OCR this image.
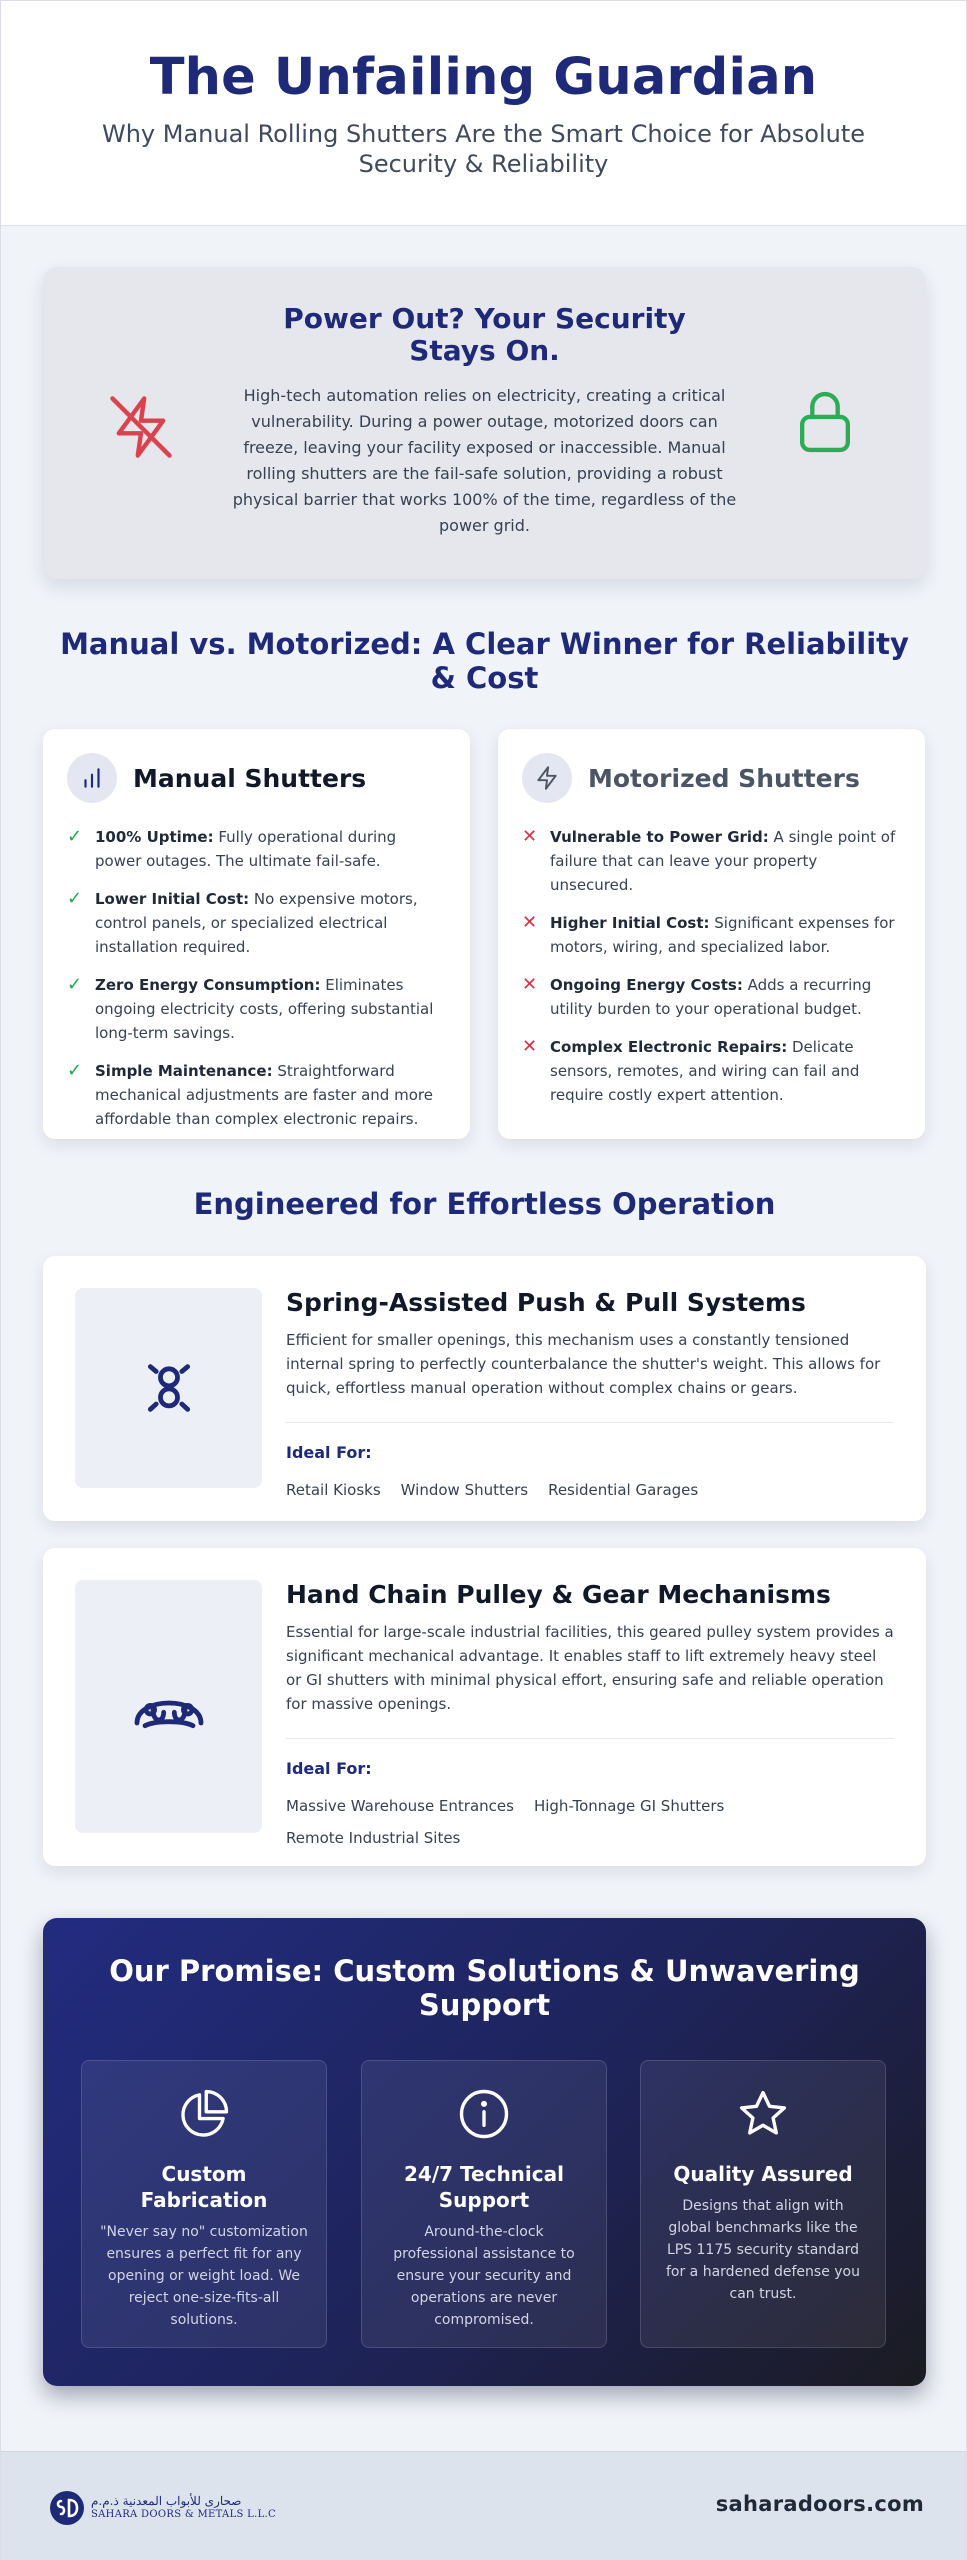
The Unfailing Guardian

Why Manual Rolling Shutters Are the Smart Choice for Absolute Security & Reliability

Power Out? Your Security Stays On.

High-tech automation relies on electricity, creating a critical vulnerability. During a power outage, motorized doors can freeze, leaving your facility exposed or inaccessible. Manual rolling shutters are the fail-safe solution, providing a robust physical barrier that works 100% of the time, regardless of the power grid.

Manual vs. Motorized: A Clear Winner for Reliability & Cost
Manual Shutters
✓ 100% Uptime: Fully operational during power outages. The ultimate fail-safe.
✓ Lower Initial Cost: No expensive motors, control panels, or specialized electrical installation required.
✓ Zero Energy Consumption: Eliminates ongoing electricity costs, offering substantial long-term savings.
✓ Simple Maintenance: Straightforward mechanical adjustments are faster and more affordable than complex electronic repairs.
Motorized Shutters
✕ Vulnerable to Power Grid: A single point of failure that can leave your property unsecured.
✕ Higher Initial Cost: Significant expenses for motors, wiring, and specialized labor.
✕ Ongoing Energy Costs: Adds a recurring utility burden to your operational budget.
✕ Complex Electronic Repairs: Delicate sensors, remotes, and wiring can fail and require costly expert attention.
Engineered for Effortless Operation
Spring-Assisted Push & Pull Systems

Efficient for smaller openings, this mechanism uses a constantly tensioned internal spring to perfectly counterbalance the shutter's weight. This allows for quick, effortless manual operation without complex chains or gears.

Ideal For:
Retail Kiosks Window Shutters Residential Garages
Hand Chain Pulley & Gear Mechanisms

Essential for large-scale industrial facilities, this geared pulley system provides a significant mechanical advantage. It enables staff to lift extremely heavy steel or GI shutters with minimal physical effort, ensuring safe and reliable operation for massive openings.

Ideal For:
Massive Warehouse Entrances High-Tonnage GI Shutters
Remote Industrial Sites
Our Promise: Custom Solutions & Unwavering Support
Custom Fabrication

"Never say no" customization ensures a perfect fit for any opening or weight load. We reject one-size-fits-all solutions.

24/7 Technical Support

Around-the-clock professional assistance to ensure your security and operations are never compromised.

Quality Assured

Designs that align with global benchmarks like the LPS 1175 security standard for a hardened defense you can trust.

صحارى للأبواب المعدنية ذ.م.م
SAHARA DOORS & METALS L.L.C	saharadoors.com
